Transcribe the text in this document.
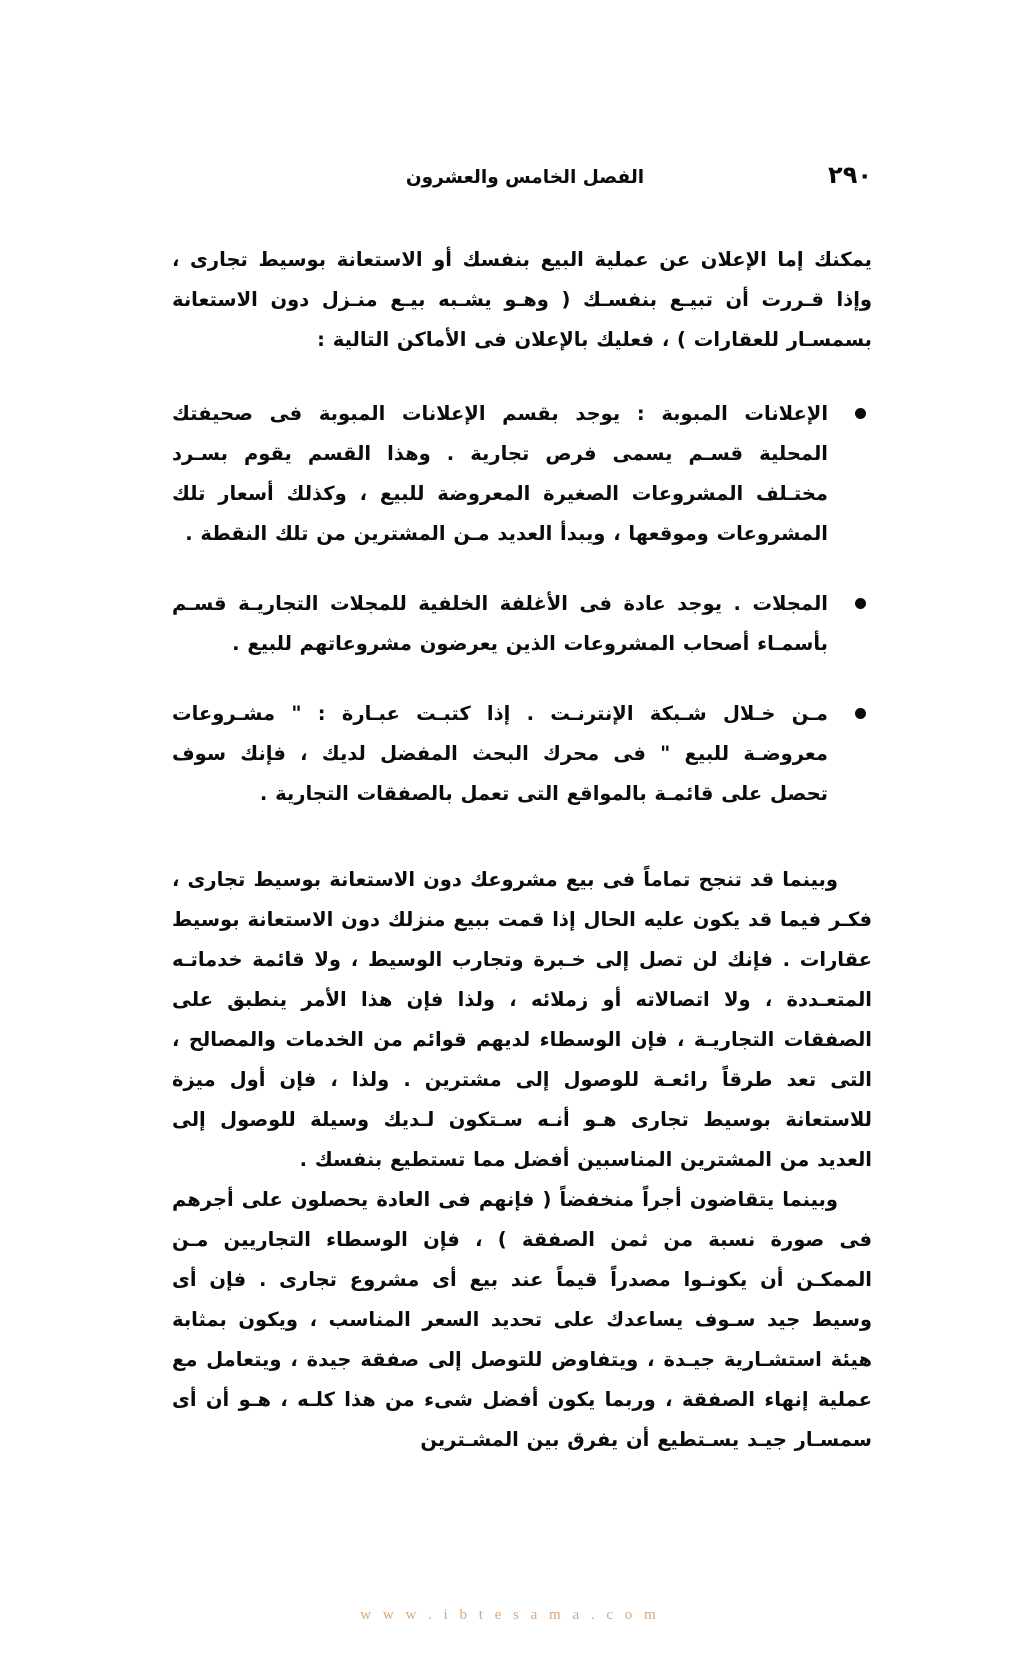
٢٩٠
الفصل الخامس والعشرون

يمكنك إما الإعلان عن عملية البيع بنفسك أو الاستعانة بوسيط تجارى ، وإذا قـررت أن تبيـع بنفسـك ( وهـو يشـبه بيـع منـزل دون الاستعانة بسمسـار للعقارات ) ، فعليك بالإعلان فى الأماكن التالية :

الإعلانات المبوبة : يوجد بقسم الإعلانات المبوبة فى صحيفتك المحلية قسـم يسمى فرص تجارية . وهذا القسم يقوم بسـرد مختـلف المشروعات الصغيرة المعروضة للبيع ، وكذلك أسعار تلك المشروعات وموقعها ، ويبدأ العديد مـن المشترين من تلك النقطة .
المجلات . يوجد عادة فى الأغلفة الخلفية للمجلات التجاريـة قسـم بأسمـاء أصحاب المشروعات الذين يعرضون مشروعاتهم للبيع .
مـن خـلال شـبكة الإنترنـت . إذا كتبـت عبـارة : " مشـروعات معروضـة للبيع " فى محرك البحث المفضل لديك ، فإنك سوف تحصل على قائمـة بالمواقع التى تعمل بالصفقات التجارية .

وبينما قد تنجح تماماً فى بيع مشروعك دون الاستعانة بوسيط تجارى ، فكـر فيما قد يكون عليه الحال إذا قمت ببيع منزلك دون الاستعانة بوسيط عقارات . فإنك لن تصل إلى خـبرة وتجارب الوسيط ، ولا قائمة خدماتـه المتعـددة ، ولا اتصالاته أو زملائه ، ولذا فإن هذا الأمر ينطبق على الصفقات التجاريـة ، فإن الوسطاء لديهم قوائم من الخدمات والمصالح ، التى تعد طرقاً رائعـة للوصول إلى مشترين . ولذا ، فإن أول ميزة للاستعانة بوسيط تجارى هـو أنـه سـتكون لـديك وسيلة للوصول إلى العديد من المشترين المناسبين أفضل مما تستطيع بنفسك .

وبينما يتقاضون أجراً منخفضاً ( فإنهم فى العادة يحصلون على أجرهم فى صورة نسبة من ثمن الصفقة ) ، فإن الوسطاء التجاريين مـن الممكـن أن يكونـوا مصدراً قيماً عند بيع أى مشروع تجارى . فإن أى وسيط جيد سـوف يساعدك على تحديد السعر المناسب ، ويكون بمثابة هيئة استشـارية جيـدة ، ويتفاوض للتوصل إلى صفقة جيدة ، ويتعامل مع عملية إنهاء الصفقة ، وربما يكون أفضل شىء من هذا كلـه ، هـو أن أى سمسـار جيـد يسـتطيع أن يفرق بين المشـترين

w w w . i b t e s a m a . c o m
